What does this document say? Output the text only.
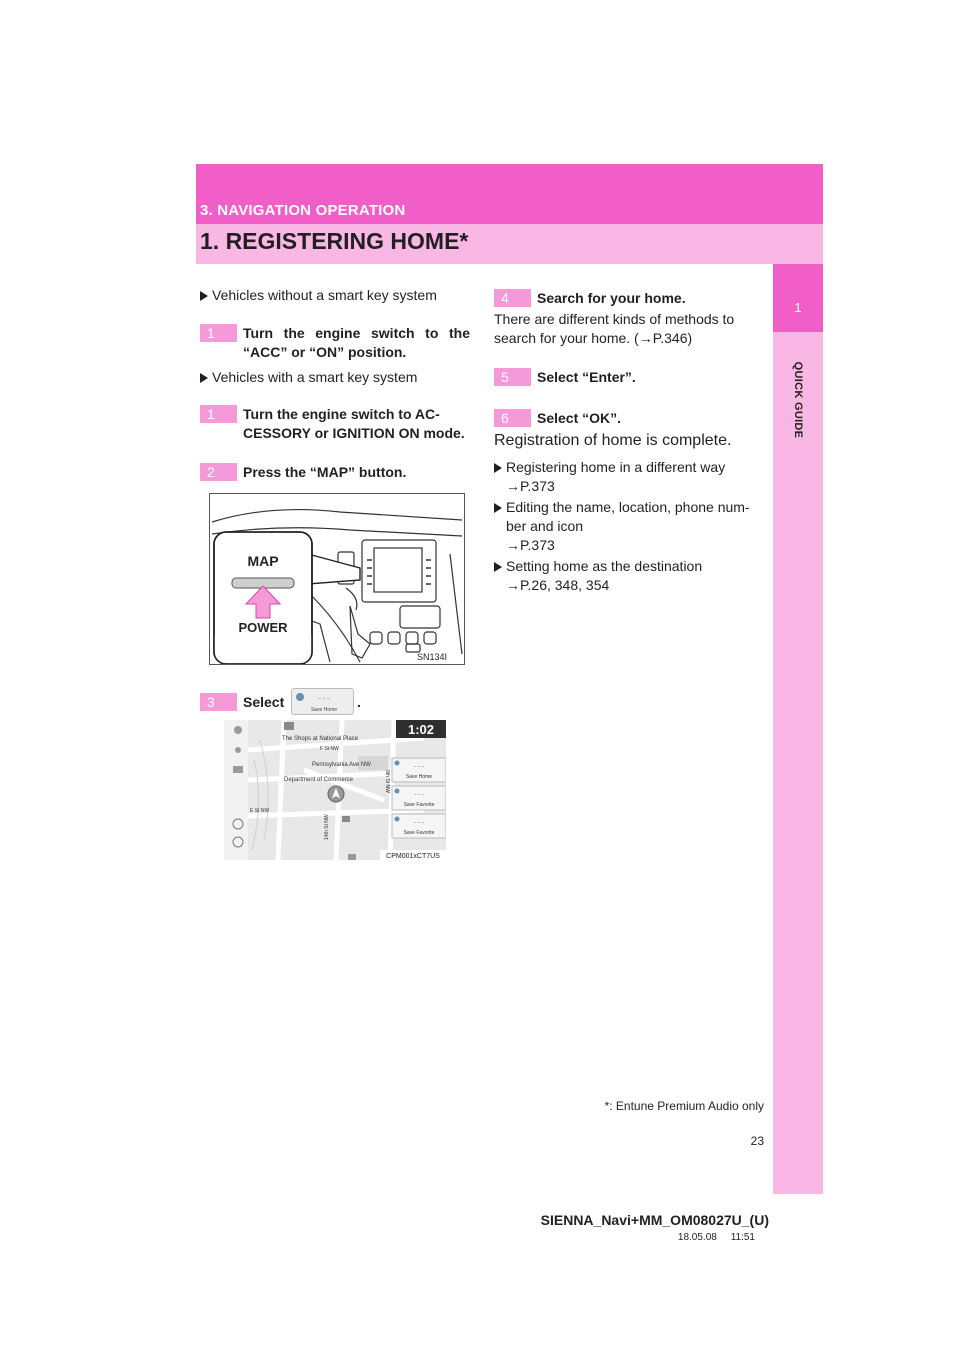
3. NAVIGATION OPERATION
1. REGISTERING HOME*
1
QUICK GUIDE
Vehicles without a smart key system
1	Turn the engine switch to the “ACC” or “ON” position.
Vehicles with a smart key system
1	Turn the engine switch to AC-
CESSORY or IGNITION ON mode.
2	Press the “MAP” button.
MAP
POWER
SN134I
3	Select	- - -
Save Home .
1:02
The Shops at National Place
F St NW
Pennsylvania Ave NW
Department of Commerce
E St NW
14th St NW
9th St NW
- - -
Save Home
- - -
Save Favorite
- - -
Save Favorite
CPM001xCT7US
4	Search for your home.
There are different kinds of methods to
search for your home. (→P.346)
5	Select “Enter”.
6	Select “OK”.
Registration of home is complete.
Registering home in a different way
→P.373
Editing the name, location, phone num-
ber and icon
→P.373
Setting home as the destination
→P.26, 348, 354
*: Entune Premium Audio only
23
SIENNA_Navi+MM_OM08027U_(U)
18.05.08     11:51
